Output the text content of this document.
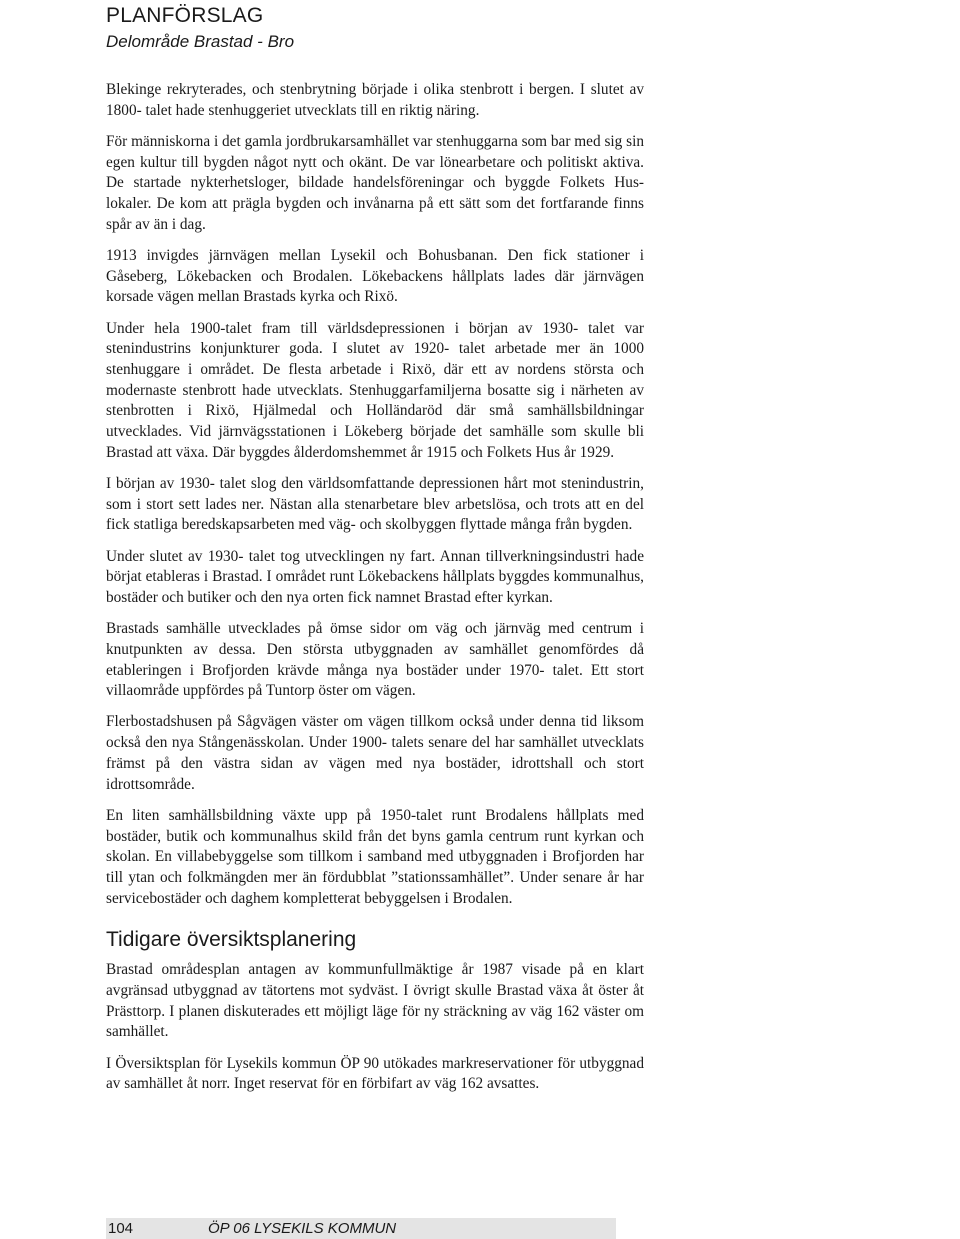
PLANFÖRSLAG
Delområde Brastad - Bro

Blekinge rekryterades, och stenbrytning började i olika stenbrott i bergen. I slutet av 1800- talet hade stenhuggeriet utvecklats till en riktig näring.

För människorna i det gamla jordbrukarsamhället var stenhuggarna som bar med sig sin egen kultur till bygden något nytt och okänt. De var lönearbetare och politiskt aktiva. De startade nykterhetsloger, bildade handelsföreningar och byggde Folkets Hus- lokaler. De kom att prägla bygden och invånarna på ett sätt som det fortfarande finns spår av än i dag.

1913 invigdes järnvägen mellan Lysekil och Bohusbanan. Den fick stationer i Gåseberg, Lökebacken och Brodalen. Lökebackens hållplats lades där järnvägen korsade vägen mellan Brastads kyrka och Rixö.

Under hela 1900-talet fram till världsdepressionen i början av 1930- talet var stenindustrins konjunkturer goda. I slutet av 1920- talet arbetade mer än 1000 stenhuggare i området. De flesta arbetade i Rixö, där ett av nordens största och modernaste stenbrott hade utvecklats. Stenhuggarfamiljerna bosatte sig i närheten av stenbrotten i Rixö, Hjälmedal och Holländaröd där små samhällsbildningar utvecklades. Vid järnvägsstationen i Lökeberg började det samhälle som skulle bli Brastad att växa. Där byggdes ålderdomshemmet år 1915 och Folkets Hus år 1929.

I början av 1930- talet slog den världsomfattande depressionen hårt mot stenindustrin, som i stort sett lades ner. Nästan alla stenarbetare blev arbetslösa, och trots att en del fick statliga beredskapsarbeten med väg- och skolbyggen flyttade många från bygden.

Under slutet av 1930- talet tog utvecklingen ny fart. Annan tillverkningsindustri hade börjat etableras i Brastad. I området runt Lökebackens hållplats byggdes kommunalhus, bostäder och butiker och den nya orten fick namnet Brastad efter kyrkan.

Brastads samhälle utvecklades på ömse sidor om väg och järnväg med centrum i knutpunkten av dessa. Den största utbyggnaden av samhället genomfördes då etableringen i Brofjorden krävde många nya bostäder under 1970- talet. Ett stort villaområde uppfördes på Tuntorp öster om vägen.

Flerbostadshusen på Sågvägen väster om vägen tillkom också under denna tid liksom också den nya Stångenässkolan. Under 1900- talets senare del har samhället utvecklats främst på den västra sidan av vägen med nya bostäder, idrottshall och stort idrottsområde.

En liten samhällsbildning växte upp på 1950-talet runt Brodalens hållplats med bostäder, butik och kommunalhus skild från det byns gamla centrum runt kyrkan och skolan. En villabebyggelse som tillkom i samband med utbyggnaden i Brofjorden har till ytan och folkmängden mer än fördubblat ”stationssamhället”. Under senare år har servicebostäder och daghem kompletterat bebyggelsen i Brodalen.

Tidigare översiktsplanering

Brastad områdesplan antagen av kommunfullmäktige år 1987 visade på en klart avgränsad utbyggnad av tätortens mot sydväst. I övrigt skulle Brastad växa åt öster åt Prästtorp. I planen diskuterades ett möjligt läge för ny sträckning av väg 162 väster om samhället.

I Översiktsplan för Lysekils kommun ÖP 90 utökades markreservationer för utbyggnad av samhället åt norr. Inget reservat för en förbifart av väg 162 avsattes.

104	ÖP 06 LYSEKILS KOMMUN
